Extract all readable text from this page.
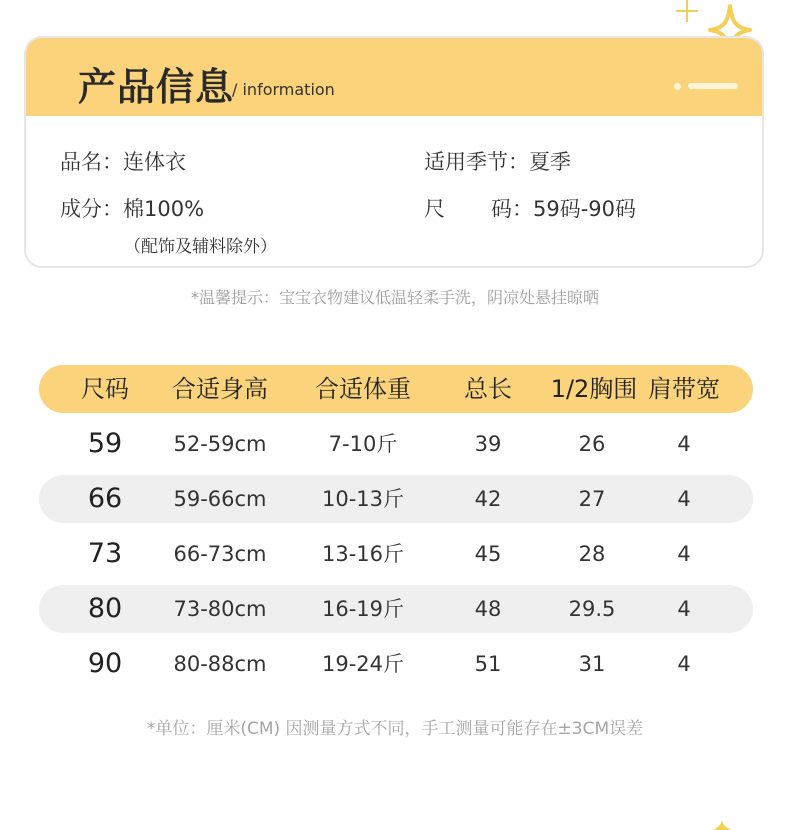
产品信息
/ information
品名：连体衣	适用季节：夏季
成分：棉100%
（配饰及辅料除外）
尺 码：59码-90码
*温馨提示：宝宝衣物建议低温轻柔手洗，阴凉处悬挂晾晒
尺码 合适身高 合适体重 总长 1/2胸围 肩带宽
59 52-59cm	7-10斤	39	26	4
66 59-66cm	10-13斤	42	27	4
73 66-73cm	13-16斤	45	28	4
80 73-80cm	16-19斤	48	29.5	4
90 80-88cm	19-24斤	51	31	4
*单位：厘米(CM) 因测量方式不同，手工测量可能存在±3CM误差
